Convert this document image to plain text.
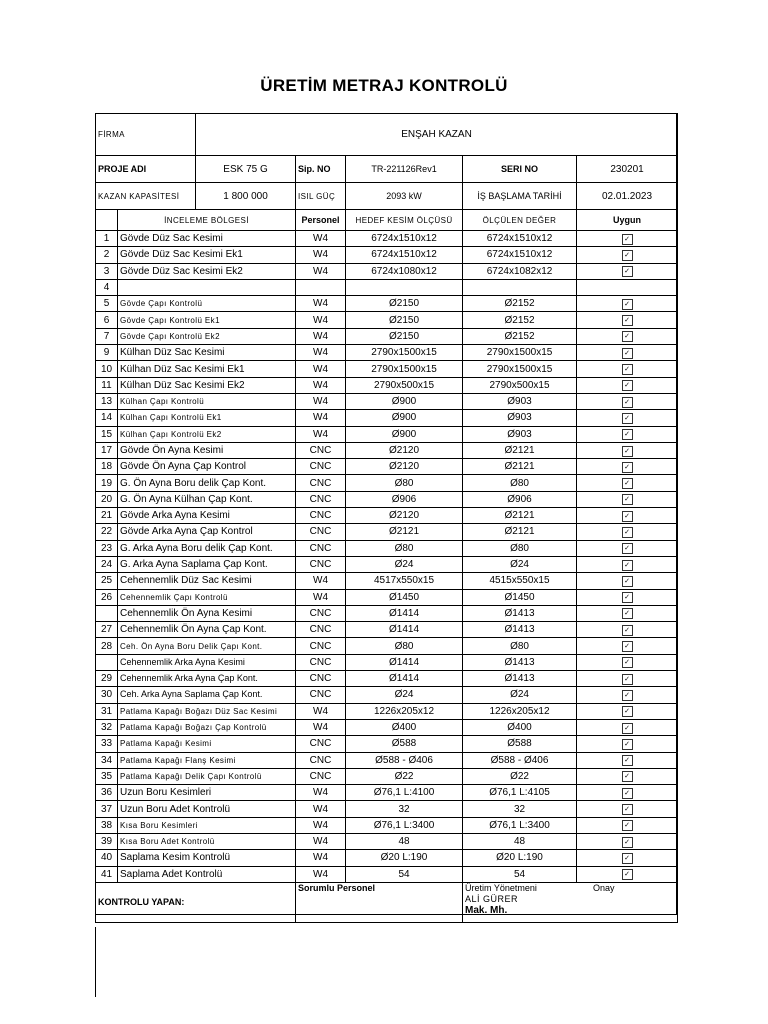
ÜRETİM METRAJ KONTROLÜ
FİRMA		ENŞAH KAZAN				
PROJE ADI		ESK 75 G	Sip. NO	TR-221126Rev1	SERI NO	230201
KAZAN KAPASİTESİ		1 800 000	ISIL GÜÇ	2093 kW	İŞ BAŞLAMA TARİHİ	02.01.2023
	İNCELEME BÖLGESİ		Personel	HEDEF KESİM ÖLÇÜSÜ	ÖLÇÜLEN DEĞER	Uygun
1	Gövde Düz Sac Kesimi		W4	6724x1510x12	6724x1510x12	✓
2	Gövde Düz Sac Kesimi Ek1		W4	6724x1510x12	6724x1510x12	✓
3	Gövde Düz Sac Kesimi Ek2		W4	6724x1080x12	6724x1082x12	✓
4						
5	Gövde Çapı Kontrolü		W4	Ø2150	Ø2152	✓
6	Gövde Çapı Kontrolü Ek1		W4	Ø2150	Ø2152	✓
7	Gövde Çapı Kontrolü Ek2		W4	Ø2150	Ø2152	✓
9	Külhan Düz Sac Kesimi		W4	2790x1500x15	2790x1500x15	✓
10	Külhan Düz Sac Kesimi Ek1		W4	2790x1500x15	2790x1500x15	✓
11	Külhan Düz Sac Kesimi Ek2		W4	2790x500x15	2790x500x15	✓
13	Külhan Çapı Kontrolü		W4	Ø900	Ø903	✓
14	Külhan Çapı Kontrolü Ek1		W4	Ø900	Ø903	✓
15	Külhan Çapı Kontrolü Ek2		W4	Ø900	Ø903	✓
17	Gövde Ön Ayna Kesimi		CNC	Ø2120	Ø2121	✓
18	Gövde Ön Ayna Çap Kontrol		CNC	Ø2120	Ø2121	✓
19	G. Ön Ayna Boru delik Çap Kont.		CNC	Ø80	Ø80	✓
20	G. Ön Ayna Külhan Çap Kont.		CNC	Ø906	Ø906	✓
21	Gövde Arka Ayna Kesimi		CNC	Ø2120	Ø2121	✓
22	Gövde Arka Ayna Çap Kontrol		CNC	Ø2121	Ø2121	✓
23	G. Arka Ayna Boru delik Çap Kont.		CNC	Ø80	Ø80	✓
24	G. Arka Ayna Saplama Çap Kont.		CNC	Ø24	Ø24	✓
25	Cehennemlik Düz Sac Kesimi		W4	4517x550x15	4515x550x15	✓
26	Cehennemlik Çapı Kontrolü		W4	Ø1450	Ø1450	✓
	Cehennemlik Ön Ayna Kesimi		CNC	Ø1414	Ø1413	✓
27	Cehennemlik Ön Ayna Çap Kont.		CNC	Ø1414	Ø1413	✓
28	Ceh. Ön Ayna Boru Delik Çapı Kont.		CNC	Ø80	Ø80	✓
	Cehennemlik Arka Ayna Kesimi		CNC	Ø1414	Ø1413	✓
29	Cehennemlik Arka Ayna Çap Kont.		CNC	Ø1414	Ø1413	✓
30	Ceh. Arka Ayna Saplama Çap Kont.		CNC	Ø24	Ø24	✓
31	Patlama Kapağı Boğazı Düz Sac Kesimi		W4	1226x205x12	1226x205x12	✓
32	Patlama Kapağı Boğazı Çap Kontrolü		W4	Ø400	Ø400	✓
33	Patlama Kapağı Kesimi		CNC	Ø588	Ø588	✓
34	Patlama Kapağı Flanş Kesimi		CNC	Ø588 - Ø406	Ø588 - Ø406	✓
35	Patlama Kapağı Delik Çapı Kontrolü		CNC	Ø22	Ø22	✓
36	Uzun Boru Kesimleri		W4	Ø76,1 L:4100	Ø76,1 L:4105	✓
37	Uzun Boru Adet Kontrolü		W4	32	32	✓
38	Kısa Boru Kesimleri		W4	Ø76,1 L:3400	Ø76,1 L:3400	✓
39	Kısa Boru Adet Kontrolü		W4	48	48	✓
40	Saplama Kesim Kontrolü		W4	Ø20 L:190	Ø20 L:190	✓
41	Saplama Adet Kontrolü		W4	54	54	✓
KONTROLU YAPAN:			Sorumlu Personel		Üretim Yönetmeni Onay
ALİ GÜRER
Mak. Mh.	
